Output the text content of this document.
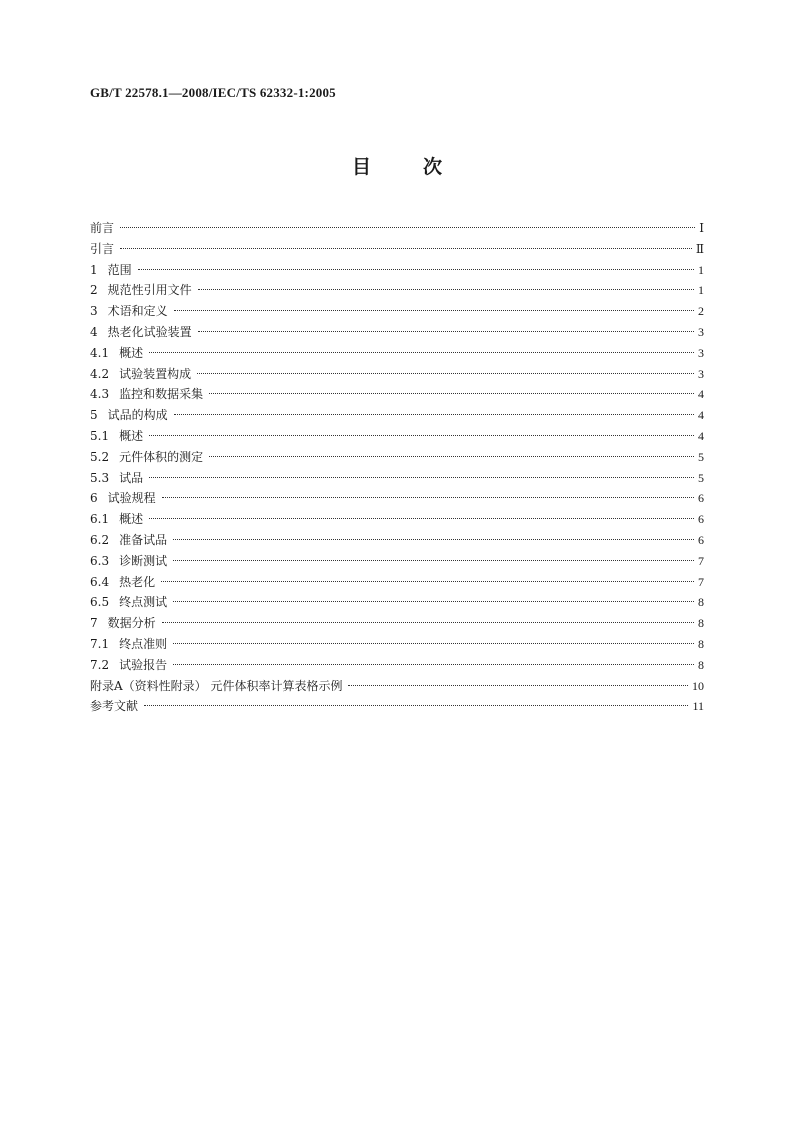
GB/T 22578.1—2008/IEC/TS 62332-1:2005
目次
前言	Ⅰ
引言	Ⅱ
1 范围	1
2 规范性引用文件	1
3 术语和定义	2
4 热老化试验装置	3
4.1 概述	3
4.2 试验装置构成	3
4.3 监控和数据采集	4
5 试品的构成	4
5.1 概述	4
5.2 元件体积的测定	5
5.3 试品	5
6 试验规程	6
6.1 概述	6
6.2 准备试品	6
6.3 诊断测试	7
6.4 热老化	7
6.5 终点测试	8
7 数据分析	8
7.1 终点准则	8
7.2 试验报告	8
附录A（资料性附录） 元件体积率计算表格示例	10
参考文献	11
